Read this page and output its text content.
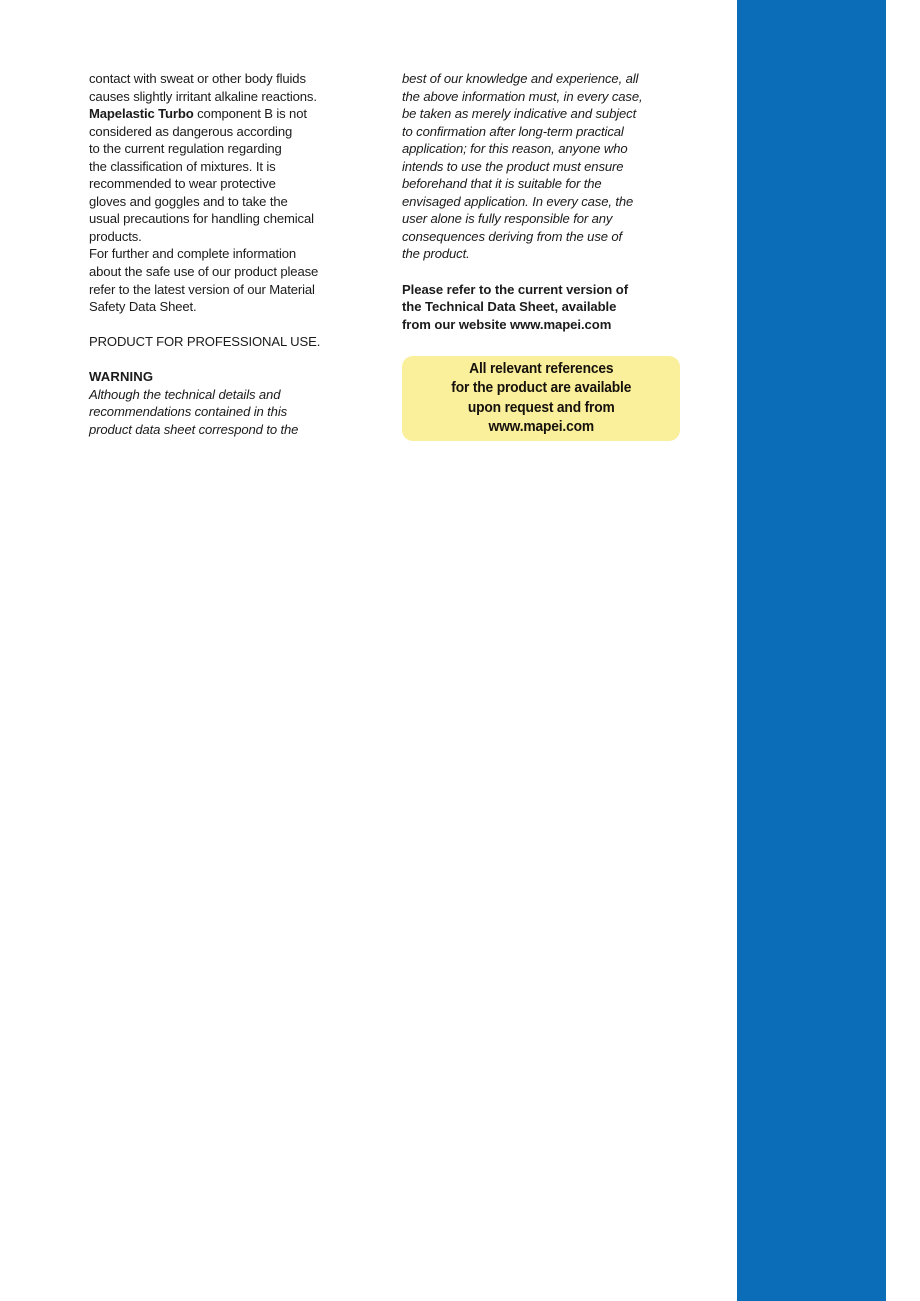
contact with sweat or other body fluids
causes slightly irritant alkaline reactions.
Mapelastic Turbo component B is not
considered as dangerous according
to the current regulation regarding
the classification of mixtures. It is
recommended to wear protective
gloves and goggles and to take the
usual precautions for handling chemical
products.

For further and complete information
about the safe use of our product please
refer to the latest version of our Material
Safety Data Sheet.

PRODUCT FOR PROFESSIONAL USE.

WARNING

Although the technical details and
recommendations contained in this
product data sheet correspond to the

best of our knowledge and experience, all
the above information must, in every case,
be taken as merely indicative and subject
to confirmation after long-term practical
application; for this reason, anyone who
intends to use the product must ensure
beforehand that it is suitable for the
envisaged application. In every case, the
user alone is fully responsible for any
consequences deriving from the use of
the product.

Please refer to the current version of
the Technical Data Sheet, available
from our website www.mapei.com

All relevant references
for the product are available
upon request and from
www.mapei.com
